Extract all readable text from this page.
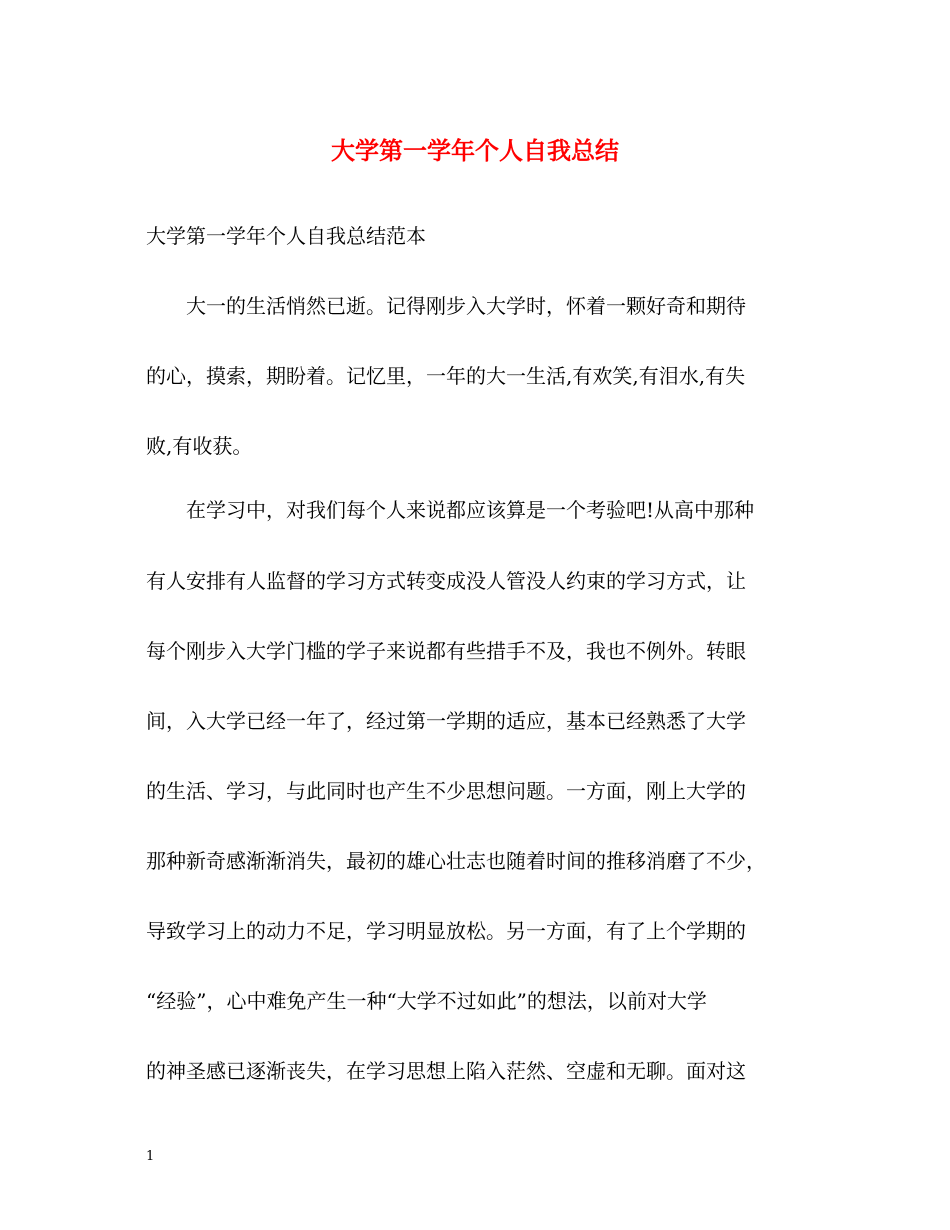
大学第一学年个人自我总结

大学第一学年个人自我总结范本

大一的生活悄然已逝。记得刚步入大学时，怀着一颗好奇和期待

的心，摸索，期盼着。记忆里，一年的大一生活,有欢笑,有泪水,有失

败,有收获。

在学习中，对我们每个人来说都应该算是一个考验吧!从高中那种

有人安排有人监督的学习方式转变成没人管没人约束的学习方式，让

每个刚步入大学门槛的学子来说都有些措手不及，我也不例外。转眼

间，入大学已经一年了，经过第一学期的适应，基本已经熟悉了大学

的生活、学习，与此同时也产生不少思想问题。一方面，刚上大学的

那种新奇感渐渐消失，最初的雄心壮志也随着时间的推移消磨了不少，

导致学习上的动力不足，学习明显放松。另一方面，有了上个学期的

“经验”，心中难免产生一种“大学不过如此”的想法，以前对大学

的神圣感已逐渐丧失，在学习思想上陷入茫然、空虚和无聊。面对这

1
